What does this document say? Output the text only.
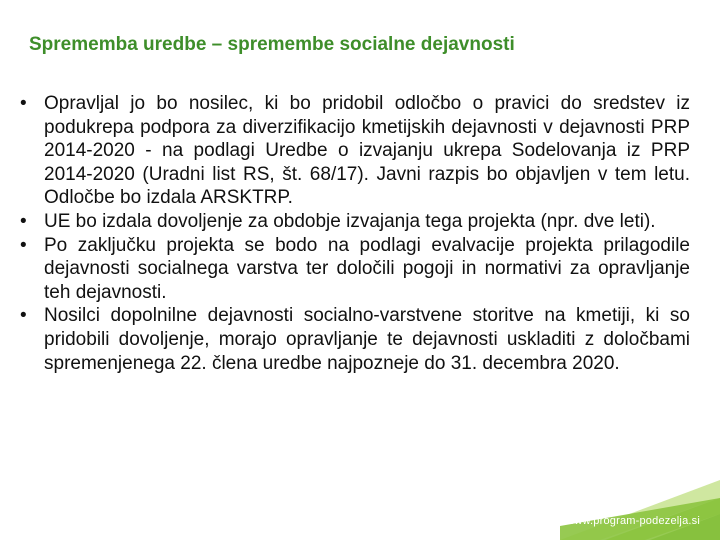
Sprememba uredbe – spremembe socialne dejavnosti
• Opravljal jo bo nosilec, ki bo pridobil odločbo o pravici do sredstev iz podukrepa podpora za diverzifikacijo kmetijskih dejavnosti v dejavnosti PRP 2014-2020 - na podlagi Uredbe o izvajanju ukrepa Sodelovanja iz PRP 2014-2020 (Uradni list RS, št. 68/17). Javni razpis bo objavljen v tem letu. Odločbe bo izdala ARSKTRP.
• UE bo izdala dovoljenje za obdobje izvajanja tega projekta (npr. dve leti).
• Po zaključku projekta se bodo na podlagi evalvacije projekta prilagodile dejavnosti socialnega varstva ter določili pogoji in normativi za opravljanje teh dejavnosti.
• Nosilci dopolnilne dejavnosti socialno-varstvene storitve na kmetiji, ki so pridobili dovoljenje, morajo opravljanje te dejavnosti uskladiti z določbami spremenjenega 22. člena uredbe najpozneje do 31. decembra 2020.
www.program-podezelja.si
